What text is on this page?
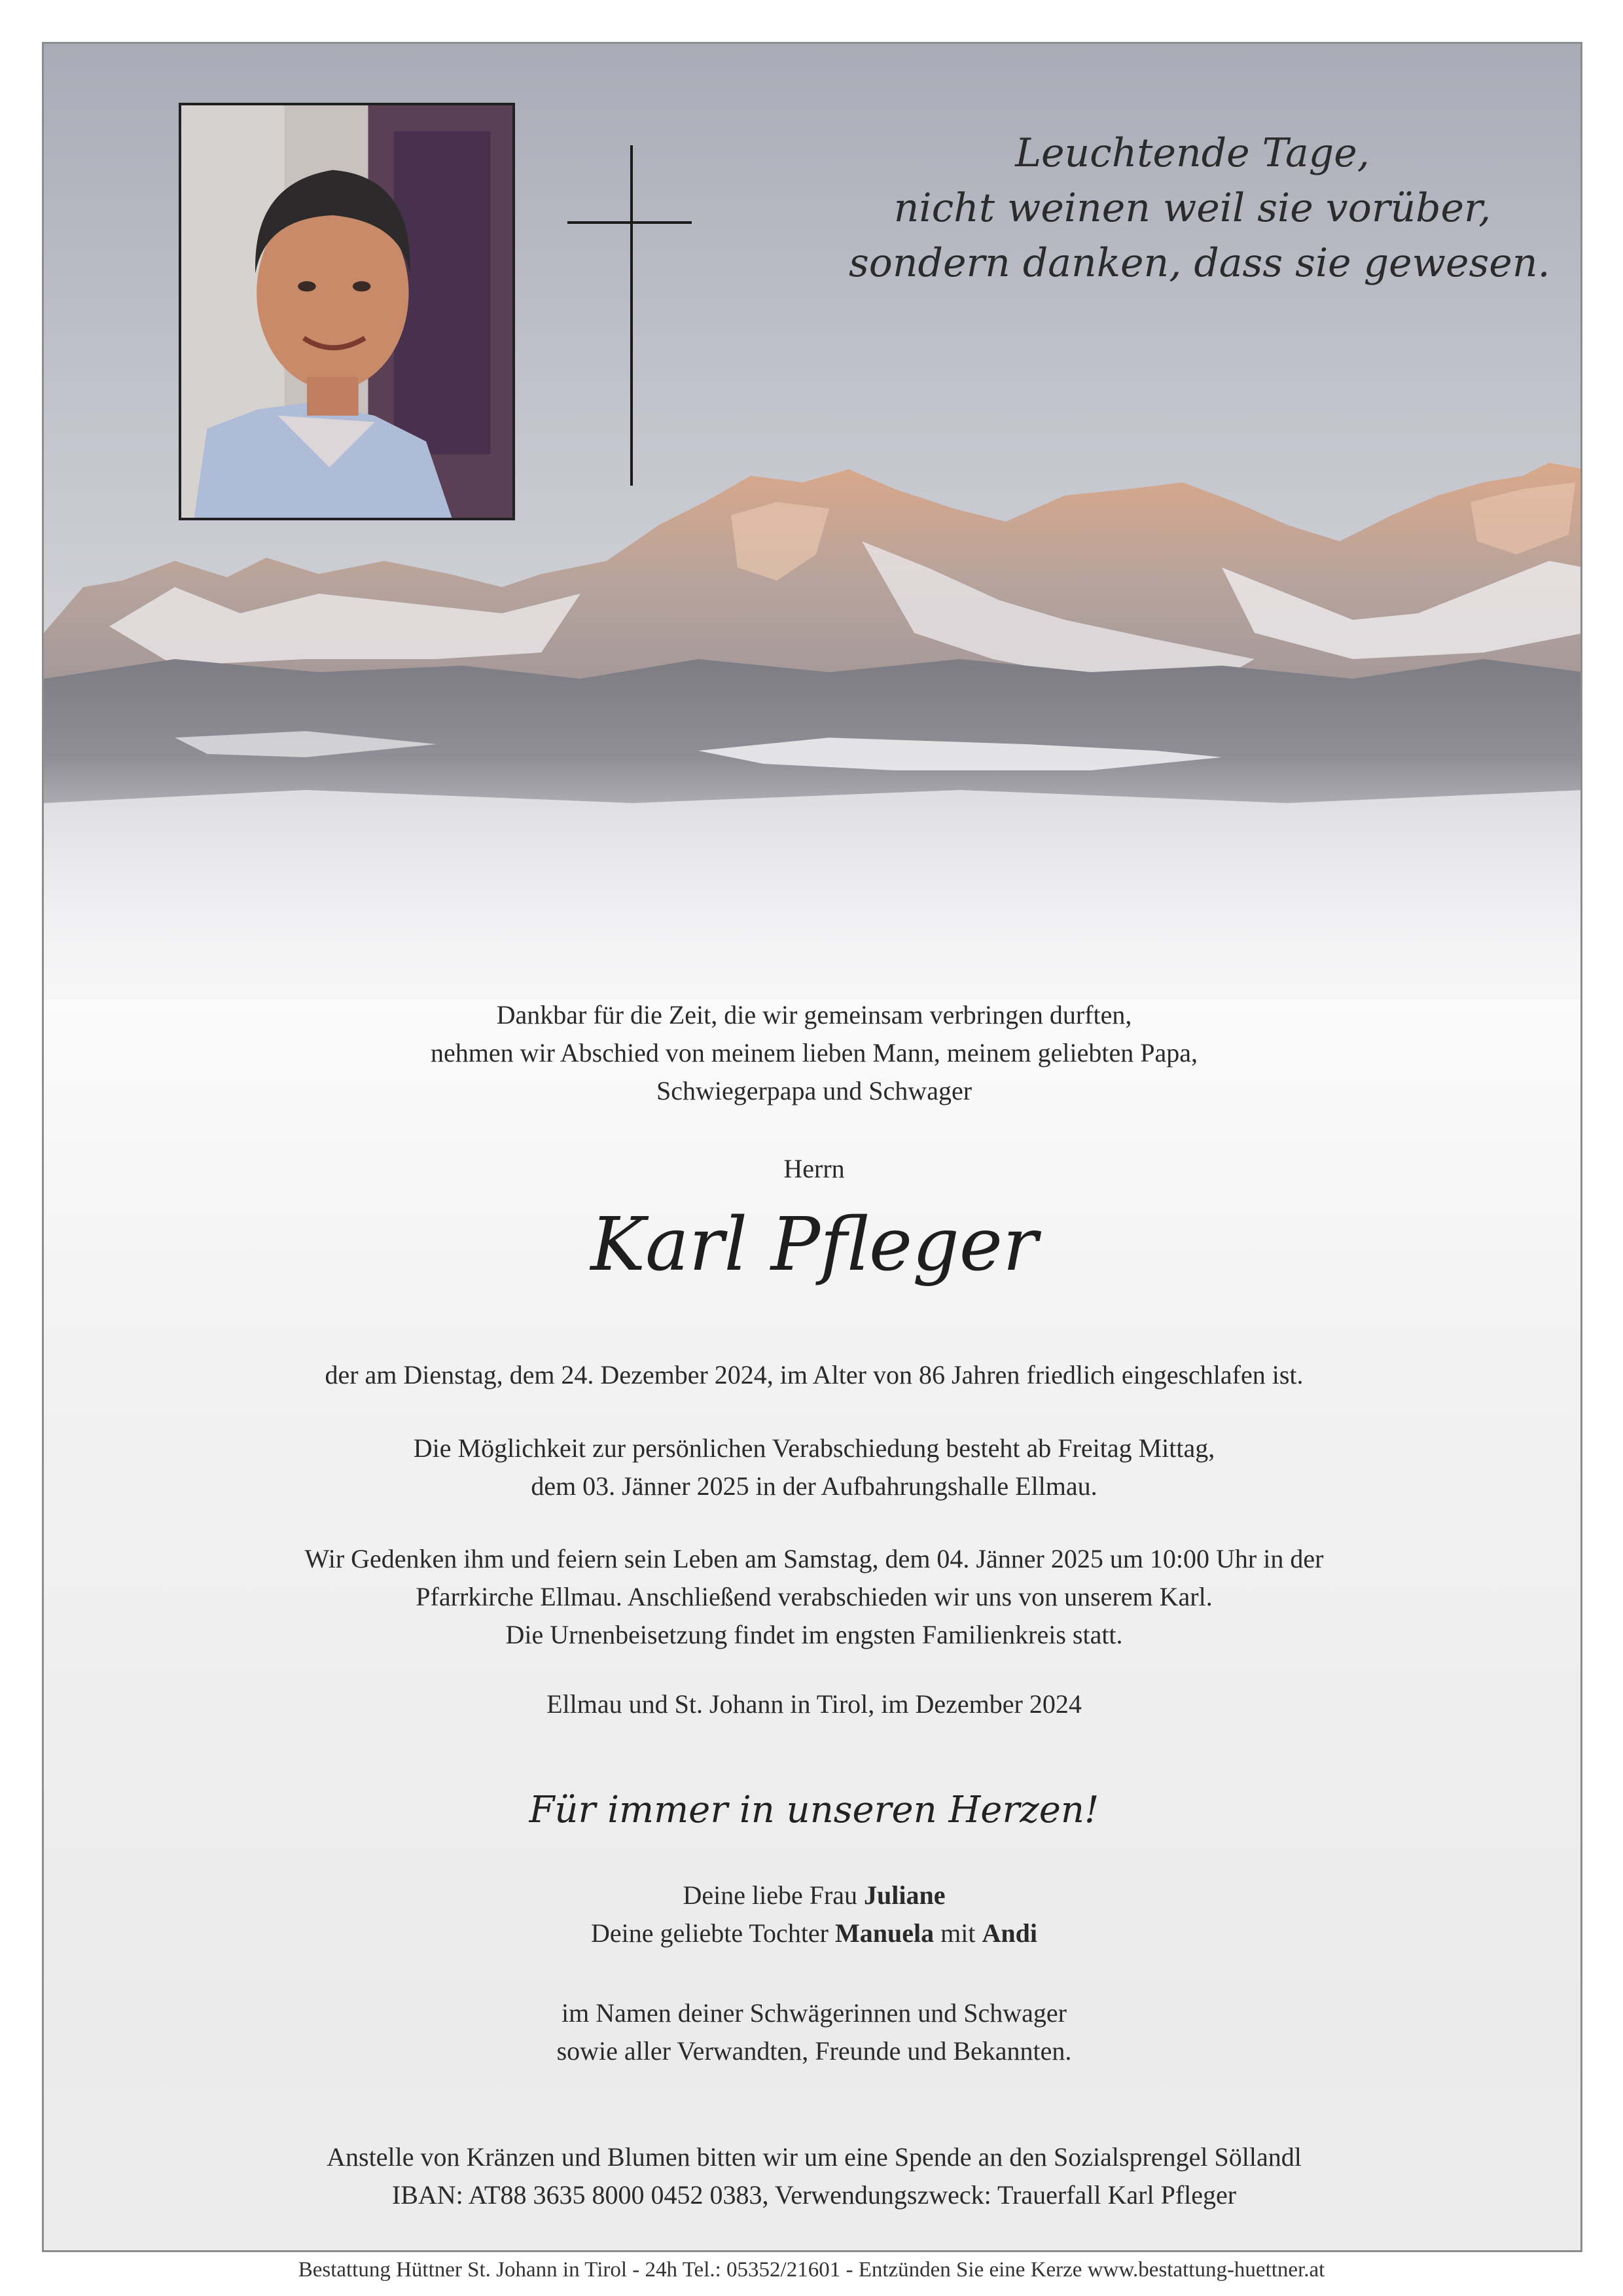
Leuchtende Tage,
nicht weinen weil sie vorüber,
sondern danken, dass sie gewesen.
Dankbar für die Zeit, die wir gemeinsam verbringen durften,
nehmen wir Abschied von meinem lieben Mann, meinem geliebten Papa,
Schwiegerpapa und Schwager
Herrn
Karl Pfleger
der am Dienstag, dem 24. Dezember 2024, im Alter von 86 Jahren friedlich eingeschlafen ist.
Die Möglichkeit zur persönlichen Verabschiedung besteht ab Freitag Mittag,
dem 03. Jänner 2025 in der Aufbahrungshalle Ellmau.
Wir Gedenken ihm und feiern sein Leben am Samstag, dem 04. Jänner 2025 um 10:00 Uhr in der
Pfarrkirche Ellmau. Anschließend verabschieden wir uns von unserem Karl.
Die Urnenbeisetzung findet im engsten Familienkreis statt.
Ellmau und St. Johann in Tirol, im Dezember 2024
Für immer in unseren Herzen!
Deine liebe Frau Juliane
Deine geliebte Tochter Manuela mit Andi
im Namen deiner Schwägerinnen und Schwager
sowie aller Verwandten, Freunde und Bekannten.
Anstelle von Kränzen und Blumen bitten wir um eine Spende an den Sozialsprengel Söllandl
IBAN: AT88 3635 8000 0452 0383, Verwendungszweck: Trauerfall Karl Pfleger
Bestattung Hüttner St. Johann in Tirol - 24h Tel.: 05352/21601 - Entzünden Sie eine Kerze www.bestattung-huettner.at
